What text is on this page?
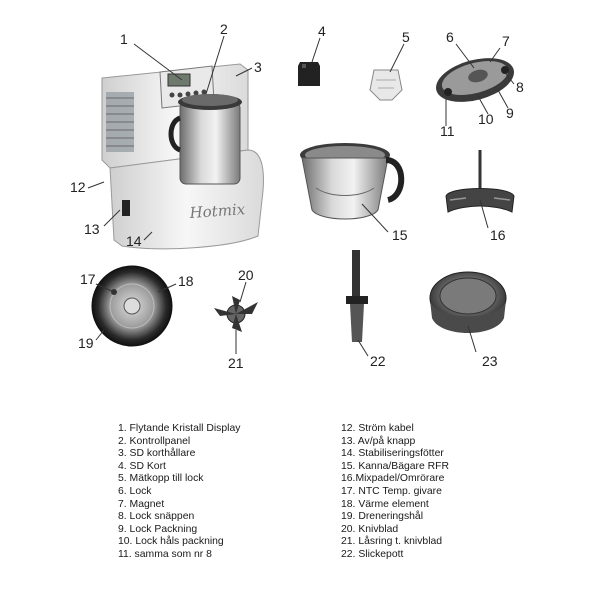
Hotmix
1
2
3
4	5	6	7
8
9
10
11
12
13
14	15	16
17	18
19
20
21	22	23
1. Flytande Kristall Display
2. Kontrollpanel
3. SD korthållare
4. SD Kort
5. Mätkopp till lock
6. Lock
7. Magnet
8. Lock snäppen
9. Lock Packning
10. Lock håls packning
11. samma som nr 8
12. Ström kabel
13. Av/på knapp
14. Stabiliseringsfötter
15. Kanna/Bägare RFR
16.Mixpadel/Omrörare
17. NTC Temp. givare
18. Värme element
19. Dreneringshål
20. Knivblad
21. Låsring t. knivblad
22. Slickepott
